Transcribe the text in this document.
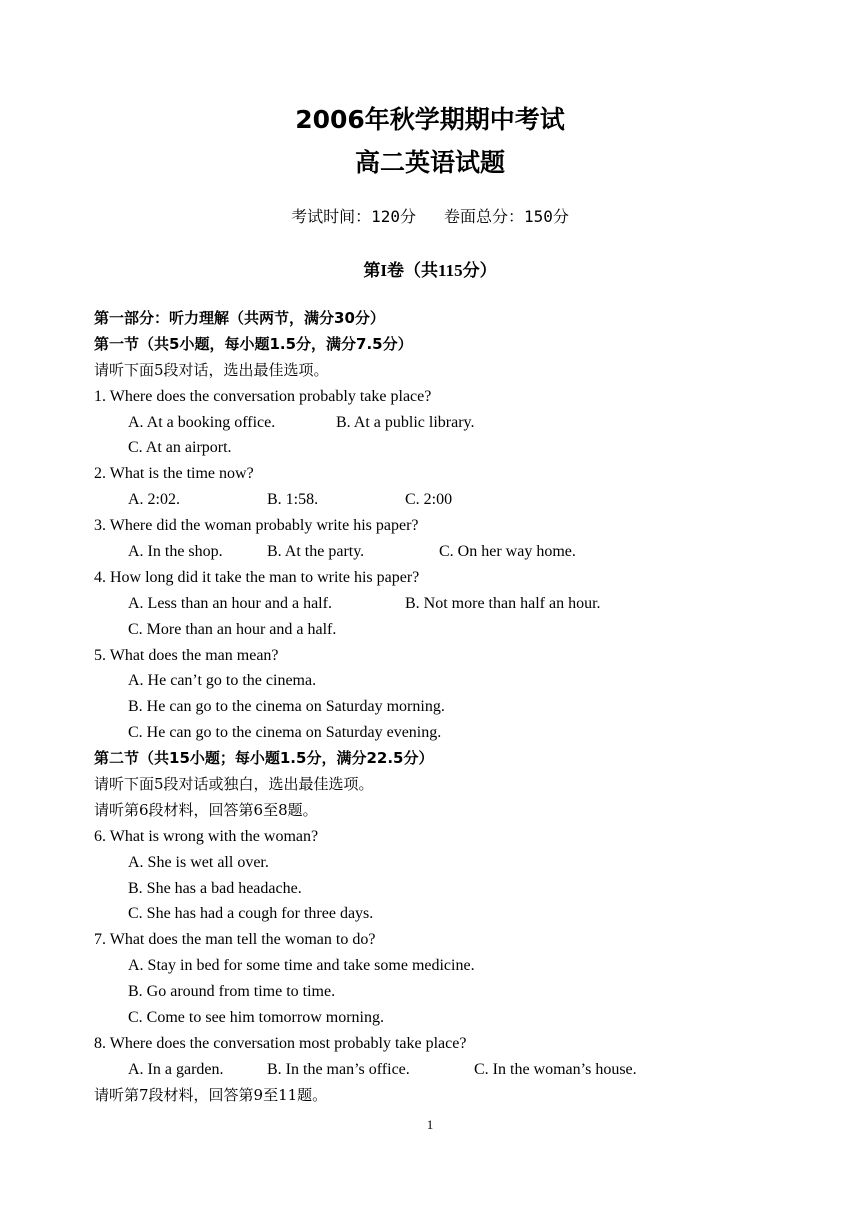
2006年秋学期期中考试
高二英语试题
考试时间：120分 卷面总分：150分
第I卷（共115分）
第一部分：听力理解（共两节，满分30分）
第一节（共5小题，每小题1.5分，满分7.5分）
请听下面5段对话，选出最佳选项。
1. Where does the conversation probably take place?
A. At a booking office.	B. At a public library.
C. At an airport.
2. What is the time now?
A. 2:02.	B. 1:58.	C. 2:00
3. Where did the woman probably write his paper?
A. In the shop.	B. At the party.	C. On her way home.
4. How long did it take the man to write his paper?
A. Less than an hour and a half.	B. Not more than half an hour.
C. More than an hour and a half.
5. What does the man mean?
A. He can’t go to the cinema.
B. He can go to the cinema on Saturday morning.
C. He can go to the cinema on Saturday evening.
第二节（共15小题；每小题1.5分，满分22.5分）
请听下面5段对话或独白，选出最佳选项。
请听第6段材料，回答第6至8题。
6. What is wrong with the woman?
A. She is wet all over.
B. She has a bad headache.
C. She has had a cough for three days.
7. What does the man tell the woman to do?
A. Stay in bed for some time and take some medicine.
B. Go around from time to time.
C. Come to see him tomorrow morning.
8. Where does the conversation most probably take place?
A. In a garden.	B. In the man’s office.	C. In the woman’s house.
请听第7段材料，回答第9至11题。
1
